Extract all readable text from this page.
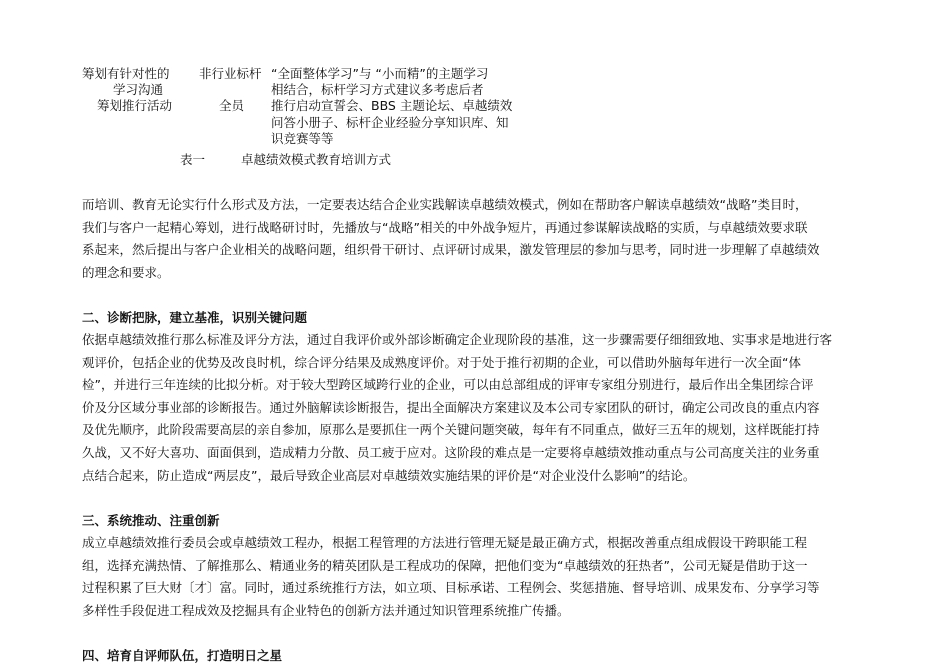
筹划有针对性的
学习沟通
非行业标杆 “全面整体学习”与 “小而精”的主题学习
相结合，标杆学习方式建议多考虑后者
筹划推行活动	全员 推行启动宣誓会、BBS 主题论坛、卓越绩效
问答小册子、标杆企业经验分享知识库、知
识竞赛等等
表一	卓越绩效模式教育培训方式
而培训、教育无论实行什么形式及方法，一定要表达结合企业实践解读卓越绩效模式，例如在帮助客户解读卓越绩效“战略”类目时，
我们与客户一起精心筹划，进行战略研讨时，先播放与“战略”相关的中外战争短片，再通过参谋解读战略的实质，与卓越绩效要求联
系起来，然后提出与客户企业相关的战略问题，组织骨干研讨、点评研讨成果，激发管理层的参加与思考，同时进一步理解了卓越绩效
的理念和要求。
二、诊断把脉，建立基准，识别关键问题
依据卓越绩效推行那么标准及评分方法，通过自我评价或外部诊断确定企业现阶段的基准，这一步骤需要仔细细致地、实事求是地进行客
观评价，包括企业的优势及改良时机，综合评分结果及成熟度评价。对于处于推行初期的企业，可以借助外脑每年进行一次全面“体
检”，并进行三年连续的比拟分析。对于较大型跨区域跨行业的企业，可以由总部组成的评审专家组分别进行，最后作出全集团综合评
价及分区域分事业部的诊断报告。通过外脑解读诊断报告，提出全面解决方案建议及本公司专家团队的研讨，确定公司改良的重点内容
及优先顺序，此阶段需要高层的亲自参加，原那么是要抓住一两个关键问题突破，每年有不同重点，做好三五年的规划，这样既能打持
久战，又不好大喜功、面面俱到，造成精力分散、员工疲于应对。这阶段的难点是一定要将卓越绩效推动重点与公司高度关注的业务重
点结合起来，防止造成“两层皮”，最后导致企业高层对卓越绩效实施结果的评价是“对企业没什么影响”的结论。
三、系统推动、注重创新
成立卓越绩效推行委员会或卓越绩效工程办，根据工程管理的方法进行管理无疑是最正确方式，根据改善重点组成假设干跨职能工程
组，选择充满热情、了解推那么、精通业务的精英团队是工程成功的保障，把他们变为“卓越绩效的狂热者”，公司无疑是借助于这一
过程积累了巨大财〔才〕富。同时，通过系统推行方法，如立项、目标承诺、工程例会、奖惩措施、督导培训、成果发布、分享学习等
多样性手段促进工程成效及挖掘具有企业特色的创新方法并通过知识管理系统推广传播。
四、培育自评师队伍，打造明日之星
